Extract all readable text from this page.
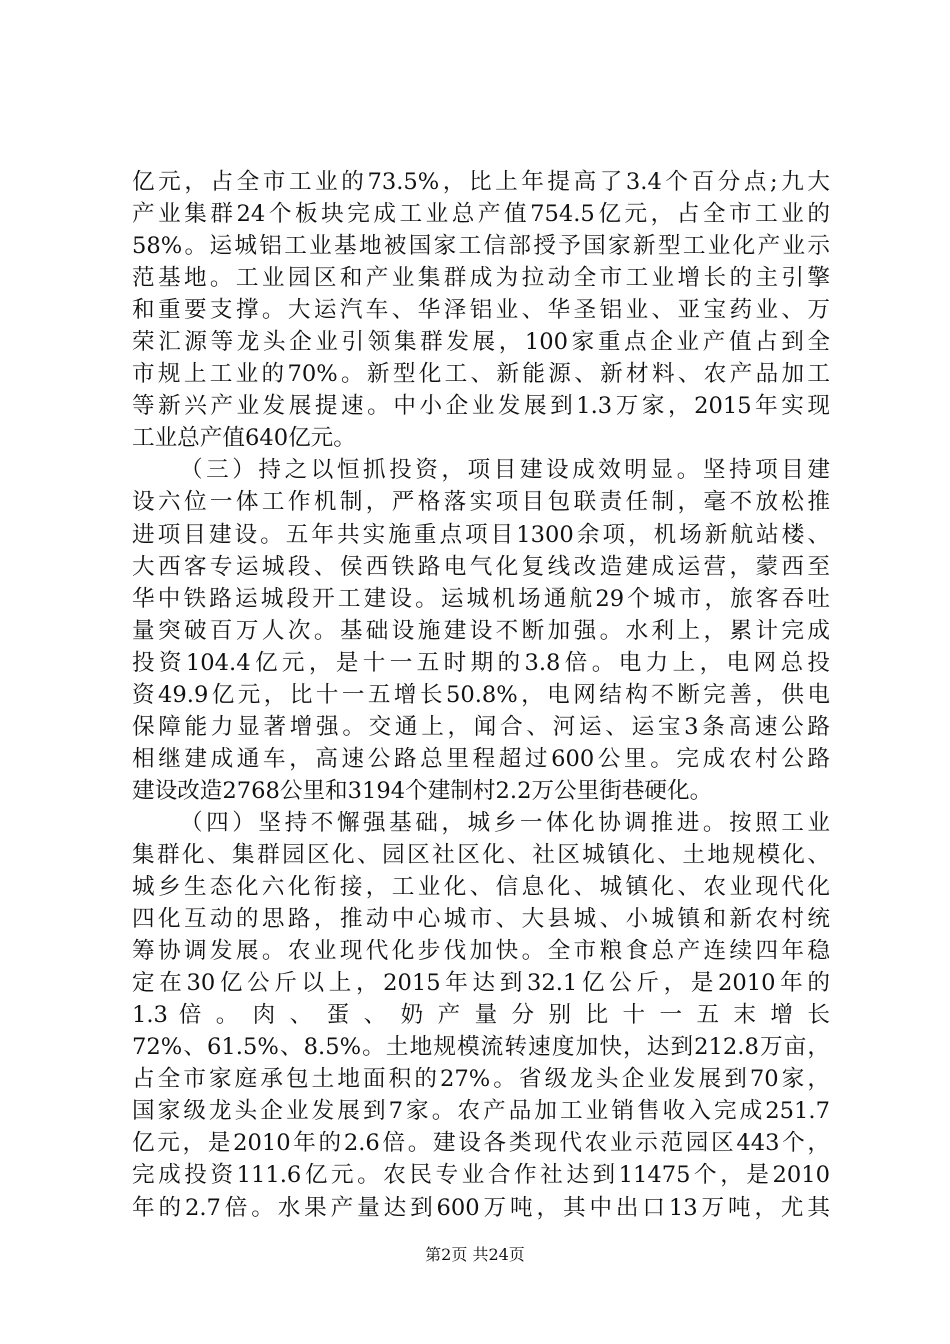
亿元，占全市工业的73.5%，比上年提高了3.4个百分点;九大
产业集群24个板块完成工业总产值754.5亿元，占全市工业的
58%。运城铝工业基地被国家工信部授予国家新型工业化产业示
范基地。工业园区和产业集群成为拉动全市工业增长的主引擎
和重要支撑。大运汽车、华泽铝业、华圣铝业、亚宝药业、万
荣汇源等龙头企业引领集群发展，100家重点企业产值占到全
市规上工业的70%。新型化工、新能源、新材料、农产品加工
等新兴产业发展提速。中小企业发展到1.3万家，2015年实现
工业总产值640亿元。
（三）持之以恒抓投资，项目建设成效明显。坚持项目建
设六位一体工作机制，严格落实项目包联责任制，毫不放松推
进项目建设。五年共实施重点项目1300余项，机场新航站楼、
大西客专运城段、侯西铁路电气化复线改造建成运营，蒙西至
华中铁路运城段开工建设。运城机场通航29个城市，旅客吞吐
量突破百万人次。基础设施建设不断加强。水利上，累计完成
投资104.4亿元，是十一五时期的3.8倍。电力上，电网总投
资49.9亿元，比十一五增长50.8%，电网结构不断完善，供电
保障能力显著增强。交通上，闻合、河运、运宝3条高速公路
相继建成通车，高速公路总里程超过600公里。完成农村公路
建设改造2768公里和3194个建制村2.2万公里街巷硬化。
（四）坚持不懈强基础，城乡一体化协调推进。按照工业
集群化、集群园区化、园区社区化、社区城镇化、土地规模化、
城乡生态化六化衔接，工业化、信息化、城镇化、农业现代化
四化互动的思路，推动中心城市、大县城、小城镇和新农村统
筹协调发展。农业现代化步伐加快。全市粮食总产连续四年稳
定在30亿公斤以上，2015年达到32.1亿公斤，是2010年的
1.3 倍 。 肉 、 蛋 、 奶 产 量 分 别 比 十 一 五 末 增 长
72%、61.5%、8.5%。土地规模流转速度加快，达到212.8万亩，
占全市家庭承包土地面积的27%。省级龙头企业发展到70家，
国家级龙头企业发展到7家。农产品加工业销售收入完成251.7
亿元，是2010年的2.6倍。建设各类现代农业示范园区443个，
完成投资111.6亿元。农民专业合作社达到11475个，是2010
年的2.7倍。水果产量达到600万吨，其中出口13万吨，尤其
第2页 共24页
